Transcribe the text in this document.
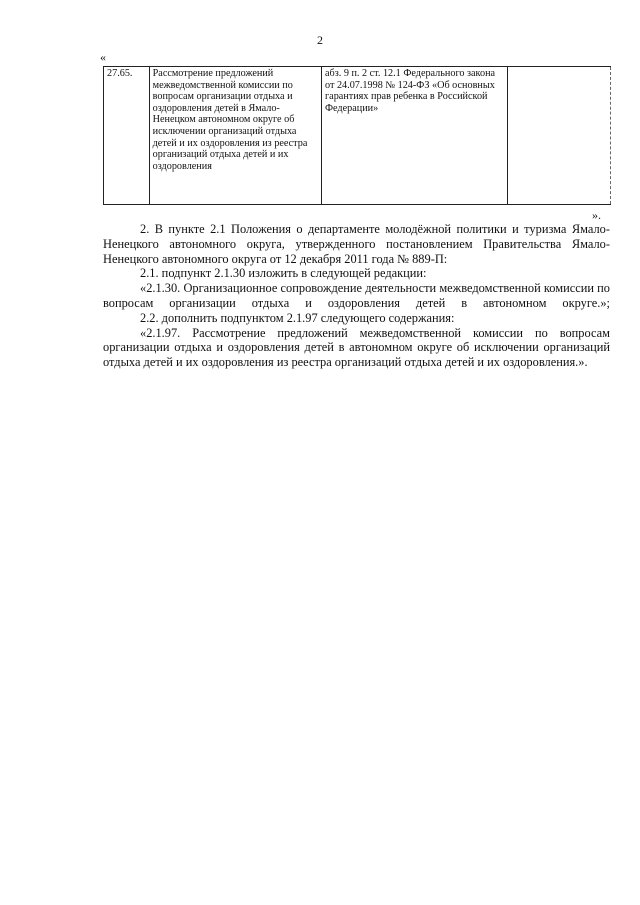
2
«
27.65.	Рассмотрение предложений межведомственной комиссии по вопросам организации отдыха и оздоровления детей в Ямало-Ненецком автономном округе об исключении организаций отдыха детей и их оздоровления из реестра организаций отдыха детей и их оздоровления	абз. 9 п. 2 ст. 12.1 Федерального закона от 24.07.1998 № 124-ФЗ «Об основных гарантиях прав ребенка в Российской Федерации»	
».

2. В пункте 2.1 Положения о департаменте молодёжной политики и туризма Ямало-Ненецкого автономного округа, утвержденного постановлением Правительства Ямало-Ненецкого автономного округа от 12 декабря 2011 года № 889-П:

2.1. подпункт 2.1.30 изложить в следующей редакции:

«2.1.30. Организационное сопровождение деятельности межведомственной комиссии по вопросам организации отдыха и оздоровления детей в автономном округе.»;

2.2. дополнить подпунктом 2.1.97 следующего содержания:

«2.1.97. Рассмотрение предложений межведомственной комиссии по вопросам организации отдыха и оздоровления детей в автономном округе об исключении организаций отдыха детей и их оздоровления из реестра организаций отдыха детей и их оздоровления.».
